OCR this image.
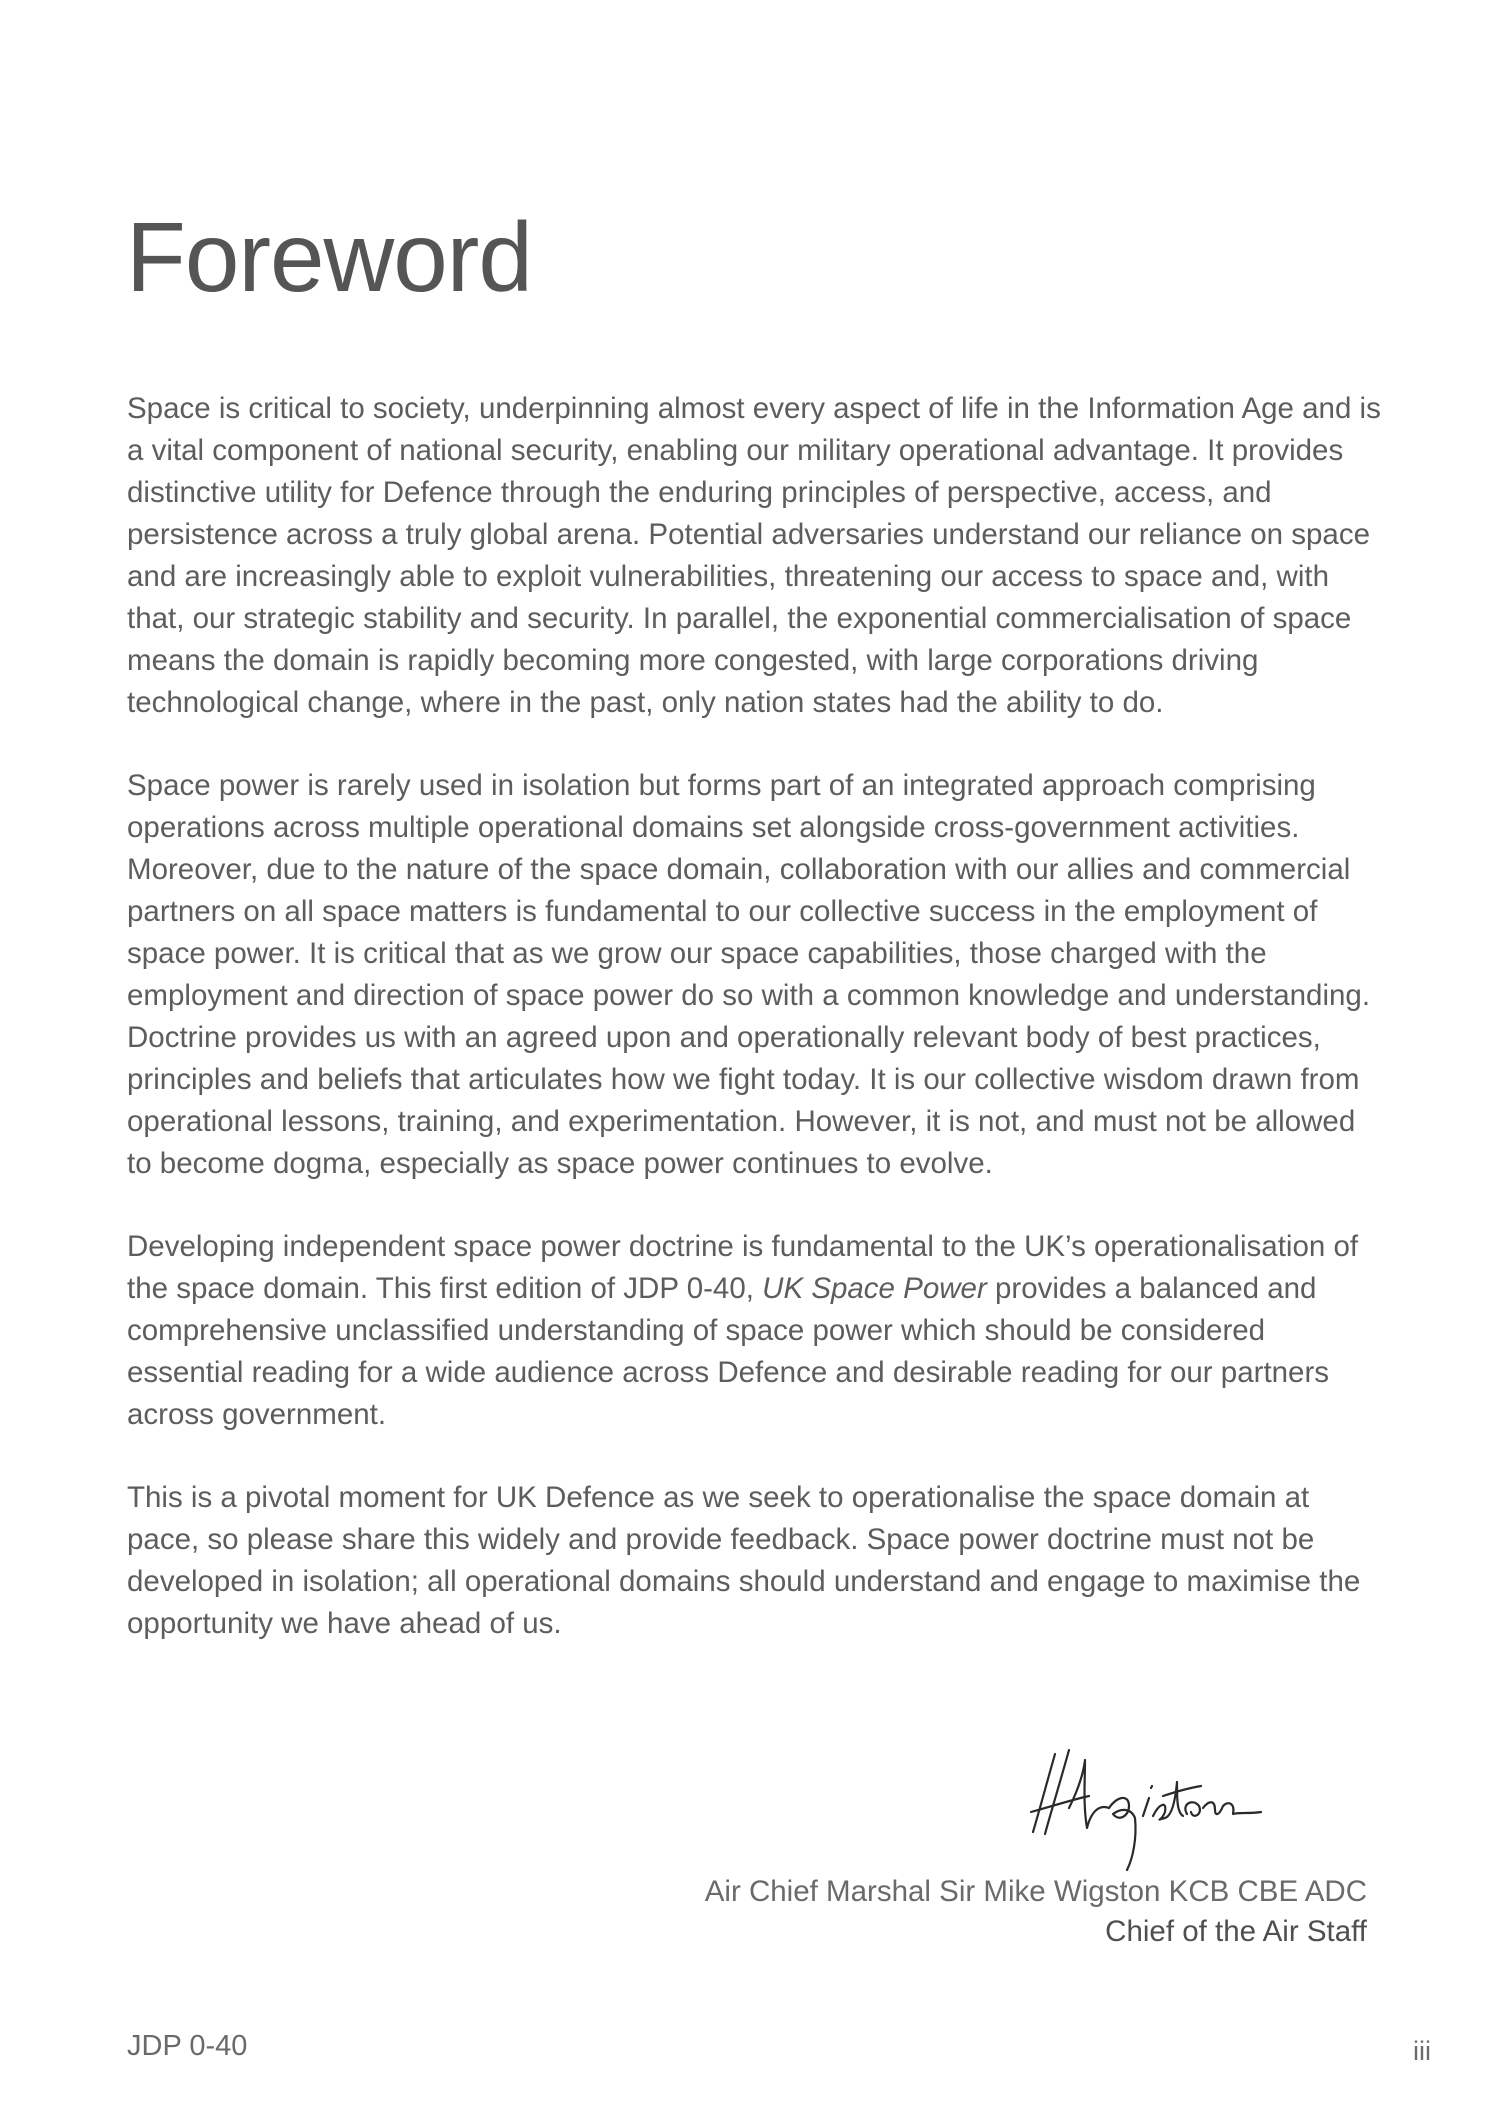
Foreword

Space is critical to society, underpinning almost every aspect of life in the Information Age and is a vital component of national security, enabling our military operational advantage. It provides distinctive utility for Defence through the enduring principles of perspective, access, and persistence across a truly global arena. Potential adversaries understand our reliance on space and are increasingly able to exploit vulnerabilities, threatening our access to space and, with that, our strategic stability and security. In parallel, the exponential commercialisation of space means the domain is rapidly becoming more congested, with large corporations driving technological change, where in the past, only nation states had the ability to do.

Space power is rarely used in isolation but forms part of an integrated approach comprising operations across multiple operational domains set alongside cross-government activities. Moreover, due to the nature of the space domain, collaboration with our allies and commercial partners on all space matters is fundamental to our collective success in the employment of space power. It is critical that as we grow our space capabilities, those charged with the employment and direction of space power do so with a common knowledge and understanding. Doctrine provides us with an agreed upon and operationally relevant body of best practices, principles and beliefs that articulates how we fight today. It is our collective wisdom drawn from operational lessons, training, and experimentation. However, it is not, and must not be allowed to become dogma, especially as space power continues to evolve.

Developing independent space power doctrine is fundamental to the UK’s operationalisation of the space domain. This first edition of JDP 0-40, UK Space Power provides a balanced and comprehensive unclassified understanding of space power which should be considered essential reading for a wide audience across Defence and desirable reading for our partners across government.

This is a pivotal moment for UK Defence as we seek to operationalise the space domain at pace, so please share this widely and provide feedback. Space power doctrine must not be developed in isolation; all operational domains should understand and engage to maximise the opportunity we have ahead of us.

Air Chief Marshal Sir Mike Wigston KCB CBE ADC
Chief of the Air Staff
JDP 0-40	iii
